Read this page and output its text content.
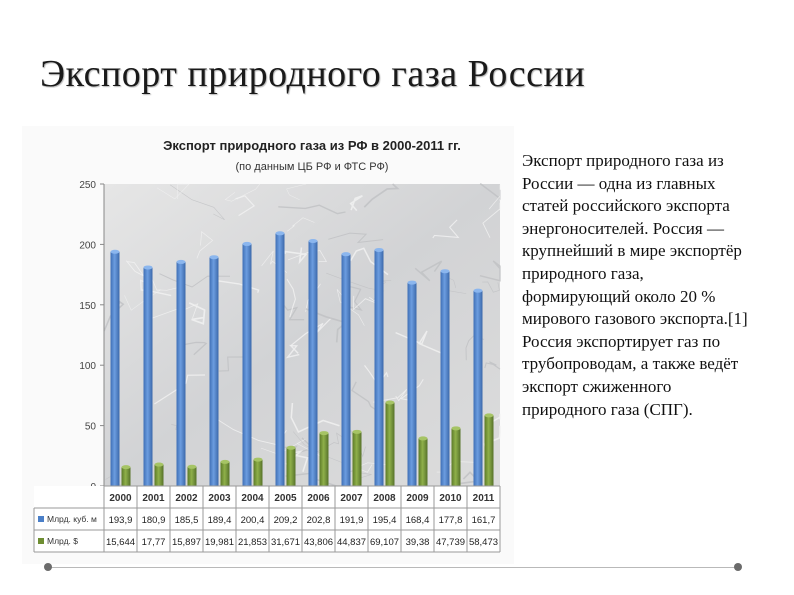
Экспорт природного газа России
Экспорт природного газа из РФ в 2000-2011 гг.
(по данным ЦБ РФ и ФТС РФ)
50
100
150
200
250
2000 2001 2002 2003 2004 2005 2006 2007 2008 2009 2010 2011
Млрд. куб. м 193,9 180,9 185,5 189,4 200,4 209,2 202,8 191,9 195,4 168,4 177,8 161,7
Млрд. $	15,644 17,77 15,897 19,981 21,853 31,671 43,806 44,837 69,107 39,38 47,739 58,473
Экспорт природного газа из России — одна из главных статей российского экспорта энергоносителей. Россия — крупнейший в мире экспортёр природного газа, формирующий около 20 % мирового газового экспорта.[1] Россия экспортирует газ по трубопроводам, а также ведёт экспорт сжиженного природного газа (СПГ).
